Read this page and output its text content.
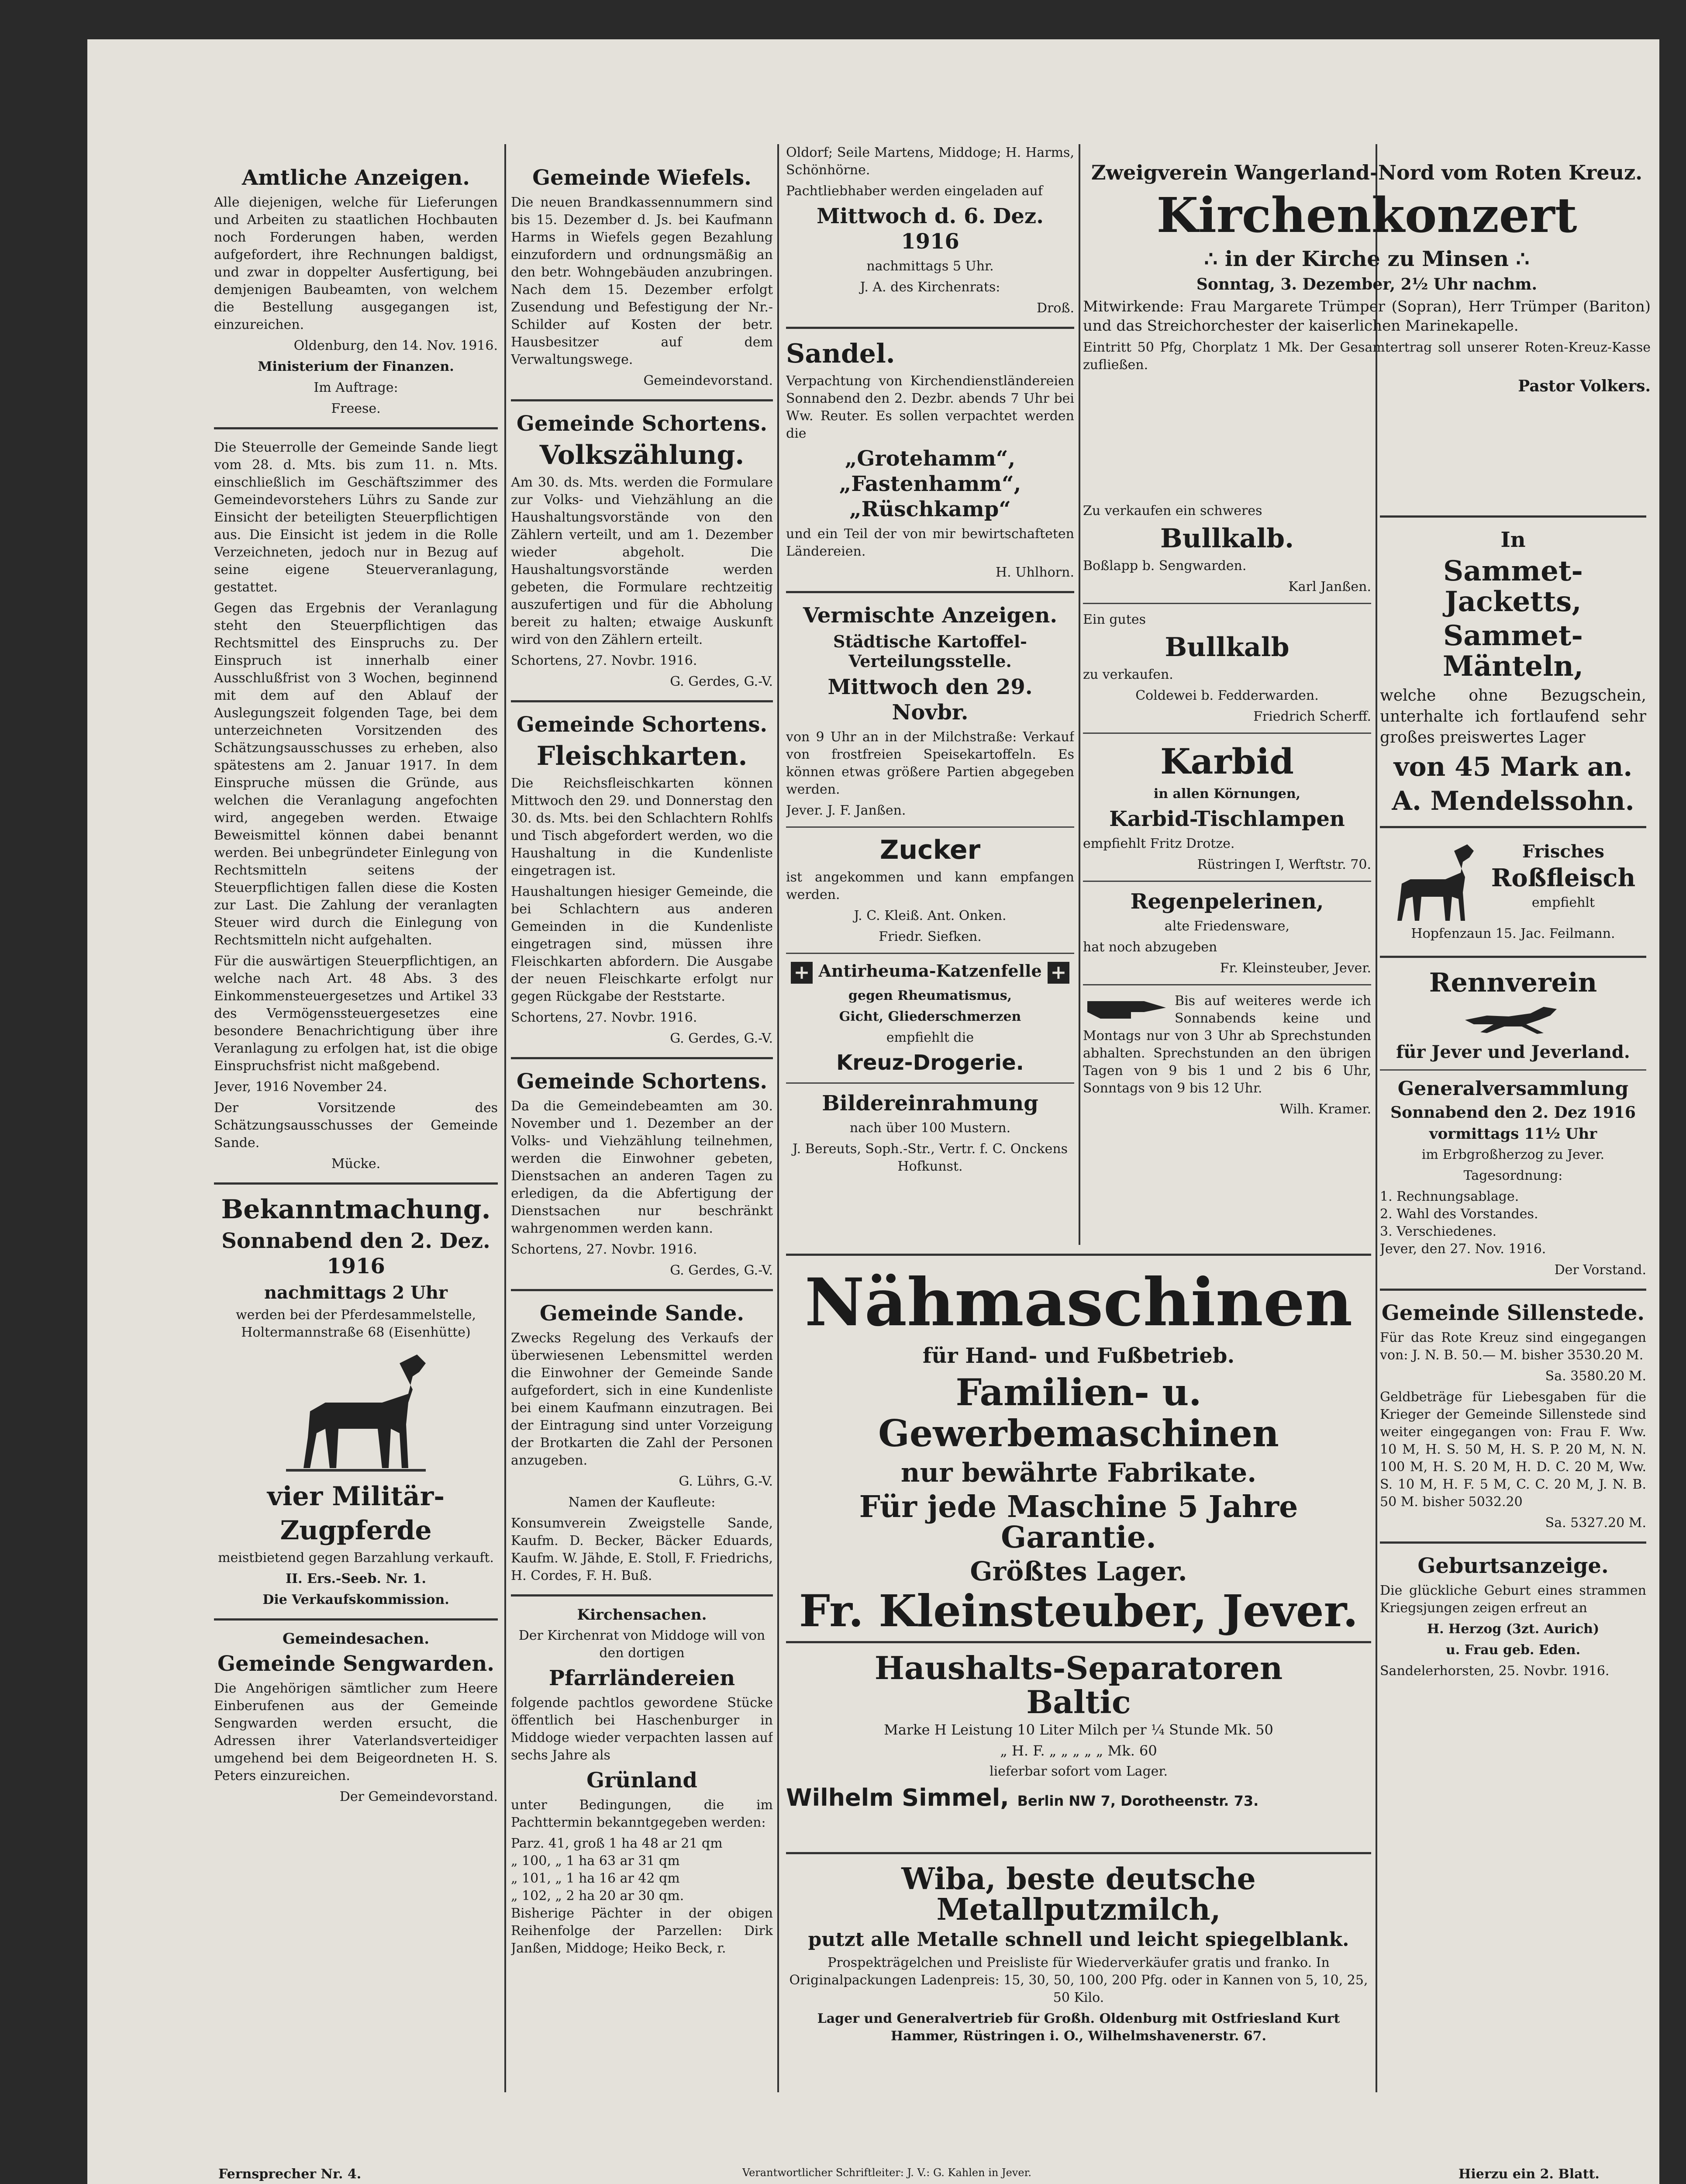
Amtliche Anzeigen.

Alle diejenigen, welche für Lieferungen und Arbeiten zu staatlichen Hochbauten noch Forderungen haben, werden aufgefordert, ihre Rechnungen baldigst, und zwar in doppelter Ausfertigung, bei demjenigen Baubeamten, von welchem die Bestellung ausgegangen ist, einzureichen.

Oldenburg, den 14. Nov. 1916.

Ministerium der Finanzen.

Im Auftrage:

Freese.

Die Steuerrolle der Gemeinde Sande liegt vom 28. d. Mts. bis zum 11. n. Mts. einschließlich im Geschäftszimmer des Gemeindevorstehers Lührs zu Sande zur Einsicht der beteiligten Steuerpflichtigen aus. Die Einsicht ist jedem in die Rolle Verzeichneten, jedoch nur in Bezug auf seine eigene Steuerveranlagung, gestattet.

Gegen das Ergebnis der Veranlagung steht den Steuerpflichtigen das Rechtsmittel des Einspruchs zu. Der Einspruch ist innerhalb einer Ausschlußfrist von 3 Wochen, beginnend mit dem auf den Ablauf der Auslegungszeit folgenden Tage, bei dem unterzeichneten Vorsitzenden des Schätzungsausschusses zu erheben, also spätestens am 2. Januar 1917. In dem Einspruche müssen die Gründe, aus welchen die Veranlagung angefochten wird, angegeben werden. Etwaige Beweismittel können dabei benannt werden. Bei unbegründeter Einlegung von Rechtsmitteln seitens der Steuerpflichtigen fallen diese die Kosten zur Last. Die Zahlung der veranlagten Steuer wird durch die Einlegung von Rechtsmitteln nicht aufgehalten.

Für die auswärtigen Steuerpflichtigen, an welche nach Art. 48 Abs. 3 des Einkommensteuergesetzes und Artikel 33 des Vermögenssteuergesetzes eine besondere Benachrichtigung über ihre Veranlagung zu erfolgen hat, ist die obige Einspruchsfrist nicht maßgebend.

Jever, 1916 November 24.

Der Vorsitzende des Schätzungsausschusses der Gemeinde Sande.

Mücke.

Bekanntmachung.
Sonnabend den 2. Dez. 1916
nachmittags 2 Uhr

werden bei der Pferdesammelstelle, Holtermannstraße 68 (Eisenhütte)

vier Militär-
Zugpferde

meistbietend gegen Barzahlung verkauft.

II. Ers.-Seeb. Nr. 1.

Die Verkaufskommission.

Gemeindesachen.
Gemeinde Sengwarden.

Die Angehörigen sämtlicher zum Heere Einberufenen aus der Gemeinde Sengwarden werden ersucht, die Adressen ihrer Vaterlandsverteidiger umgehend bei dem Beigeordneten H. S. Peters einzureichen.

Der Gemeindevorstand.

Gemeinde Wiefels.

Die neuen Brandkassennummern sind bis 15. Dezember d. Js. bei Kaufmann Harms in Wiefels gegen Bezahlung einzufordern und ordnungsmäßig an den betr. Wohngebäuden anzubringen. Nach dem 15. Dezember erfolgt Zusendung und Befestigung der Nr.-Schilder auf Kosten der betr. Hausbesitzer auf dem Verwaltungswege.

Gemeindevorstand.

Gemeinde Schortens.
Volkszählung.

Am 30. ds. Mts. werden die Formulare zur Volks- und Viehzählung an die Haushaltungsvorstände von den Zählern verteilt, und am 1. Dezember wieder abgeholt. Die Haushaltungsvorstände werden gebeten, die Formulare rechtzeitig auszufertigen und für die Abholung bereit zu halten; etwaige Auskunft wird von den Zählern erteilt.

Schortens, 27. Novbr. 1916.

G. Gerdes, G.-V.

Gemeinde Schortens.
Fleischkarten.

Die Reichsfleischkarten können Mittwoch den 29. und Donnerstag den 30. ds. Mts. bei den Schlachtern Rohlfs und Tisch abgefordert werden, wo die Haushaltung in die Kundenliste eingetragen ist.

Haushaltungen hiesiger Gemeinde, die bei Schlachtern aus anderen Gemeinden in die Kundenliste eingetragen sind, müssen ihre Fleischkarten abfordern. Die Ausgabe der neuen Fleischkarte erfolgt nur gegen Rückgabe der Reststarte.

Schortens, 27. Novbr. 1916.

G. Gerdes, G.-V.

Gemeinde Schortens.

Da die Gemeindebeamten am 30. November und 1. Dezember an der Volks- und Viehzählung teilnehmen, werden die Einwohner gebeten, Dienstsachen an anderen Tagen zu erledigen, da die Abfertigung der Dienstsachen nur beschränkt wahrgenommen werden kann.

Schortens, 27. Novbr. 1916.

G. Gerdes, G.-V.

Gemeinde Sande.

Zwecks Regelung des Verkaufs der überwiesenen Lebensmittel werden die Einwohner der Gemeinde Sande aufgefordert, sich in eine Kundenliste bei einem Kaufmann einzutragen. Bei der Eintragung sind unter Vorzeigung der Brotkarten die Zahl der Personen anzugeben.

G. Lührs, G.-V.

Namen der Kaufleute:

Konsumverein Zweigstelle Sande, Kaufm. D. Becker, Bäcker Eduards, Kaufm. W. Jähde, E. Stoll, F. Friedrichs, H. Cordes, F. H. Buß.

Kirchensachen.

Der Kirchenrat von Middoge will von den dortigen

Pfarrländereien

folgende pachtlos gewordene Stücke öffentlich bei Haschenburger in Middoge wieder verpachten lassen auf sechs Jahre als

Grünland

unter Bedingungen, die im Pachttermin bekanntgegeben werden:

Parz. 41, groß 1 ha 48 ar 21 qm
„ 100, „ 1 ha 63 ar 31 qm
„ 101, „ 1 ha 16 ar 42 qm
„ 102, „ 2 ha 20 ar 30 qm.

Bisherige Pächter in der obigen Reihenfolge der Parzellen: Dirk Janßen, Middoge; Heiko Beck, r.

Oldorf; Seile Martens, Middoge; H. Harms, Schönhörne.

Pachtliebhaber werden eingeladen auf

Mittwoch d. 6. Dez. 1916

nachmittags 5 Uhr.

J. A. des Kirchenrats:

Droß.

Sandel.

Verpachtung von Kirchendienstländereien Sonnabend den 2. Dezbr. abends 7 Uhr bei Ww. Reuter. Es sollen verpachtet werden die

„Grotehamm“, „Fastenhamm“, „Rüschkamp“

und ein Teil der von mir bewirtschafteten Ländereien.

H. Uhlhorn.

Vermischte Anzeigen.
Städtische Kartoffel-Verteilungsstelle.
Mittwoch den 29. Novbr.

von 9 Uhr an in der Milchstraße: Verkauf von frostfreien Speisekartoffeln. Es können etwas größere Partien abgegeben werden.

Jever. J. F. Janßen.

Zucker

ist angekommen und kann empfangen werden.

J. C. Kleiß. Ant. Onken.

Friedr. Siefken.

+ Antirheuma-Katzenfelle +

gegen Rheumatismus,

Gicht, Gliederschmerzen

empfiehlt die

Kreuz-Drogerie.
Bildereinrahmung

nach über 100 Mustern.

J. Bereuts, Soph.-Str., Vertr. f. C. Onckens Hofkunst.

Zu verkaufen ein schweres

Bullkalb.

Boßlapp b. Sengwarden.

Karl Janßen.

Ein gutes

Bullkalb

zu verkaufen.

Coldewei b. Fedderwarden.

Friedrich Scherff.

Karbid

in allen Körnungen,

Karbid-Tischlampen

empfiehlt Fritz Drotze.

Rüstringen I, Werftstr. 70.

Regenpelerinen,

alte Friedensware,

hat noch abzugeben

Fr. Kleinsteuber, Jever.

Bis auf weiteres werde ich Sonnabends keine und Montags nur von 3 Uhr ab Sprechstunden abhalten. Sprechstunden an den übrigen Tagen von 9 bis 1 und 2 bis 6 Uhr, Sonntags von 9 bis 12 Uhr.

Wilh. Kramer.

Zweigverein Wangerland-Nord vom Roten Kreuz.
Kirchenkonzert
∴ in der Kirche zu Minsen ∴
Sonntag, 3. Dezember, 2½ Uhr nachm.

Mitwirkende: Frau Margarete Trümper (Sopran), Herr Trümper (Bariton) und das Streichorchester der kaiserlichen Marinekapelle.

Eintritt 50 Pfg, Chorplatz 1 Mk. Der Gesamtertrag soll unserer Roten-Kreuz-Kasse zufließen.

Pastor Volkers.

In
Sammet-Jacketts,
Sammet-Mänteln,

welche ohne Bezugschein, unterhalte ich fortlaufend sehr großes preiswertes Lager

von 45 Mark an.
A. Mendelssohn.
Frisches
Roßfleisch

empfiehlt

Hopfenzaun 15. Jac. Feilmann.

Rennverein
für Jever und Jeverland.
Generalversammlung
Sonnabend den 2. Dez 1916
vormittags 11½ Uhr

im Erbgroßherzog zu Jever.

Tagesordnung:

1. Rechnungsablage.
2. Wahl des Vorstandes.
3. Verschiedenes.

Jever, den 27. Nov. 1916.

Der Vorstand.

Gemeinde Sillenstede.

Für das Rote Kreuz sind eingegangen von: J. N. B. 50.— M. bisher 3530.20 M.

Sa. 3580.20 M.

Geldbeträge für Liebesgaben für die Krieger der Gemeinde Sillenstede sind weiter eingegangen von: Frau F. Ww. 10 M, H. S. 50 M, H. S. P. 20 M, N. N. 100 M, H. S. 20 M, H. D. C. 20 M, Ww. S. 10 M, H. F. 5 M, C. C. 20 M, J. N. B. 50 M. bisher 5032.20

Sa. 5327.20 M.

Geburtsanzeige.

Die glückliche Geburt eines strammen Kriegsjungen zeigen erfreut an

H. Herzog (3zt. Aurich)

u. Frau geb. Eden.

Sandelerhorsten, 25. Novbr. 1916.

Nähmaschinen
für Hand- und Fußbetrieb.
Familien- u. Gewerbemaschinen
nur bewährte Fabrikate.
Für jede Maschine 5 Jahre Garantie.
Größtes Lager.
Fr. Kleinsteuber, Jever.
Haushalts-Separatoren
Baltic

Marke H Leistung 10 Liter Milch per ¼ Stunde Mk. 50

„ H. F. „ „ „ „ „ Mk. 60

lieferbar sofort vom Lager.

Wilhelm Simmel, Berlin NW 7, Dorotheenstr. 73.
Wiba, beste deutsche Metallputzmilch,
putzt alle Metalle schnell und leicht spiegelblank.

Prospekträgelchen und Preisliste für Wiederverkäufer gratis und franko. In Originalpackungen Ladenpreis: 15, 30, 50, 100, 200 Pfg. oder in Kannen von 5, 10, 25, 50 Kilo.

Lager und Generalvertrieb für Großh. Oldenburg mit Ostfriesland Kurt Hammer, Rüstringen i. O., Wilhelmshavenerstr. 67.

Fernsprecher Nr. 4.	Verantwortlicher Schriftleiter: J. V.: G. Kahlen in Jever.	Hierzu ein 2. Blatt.
